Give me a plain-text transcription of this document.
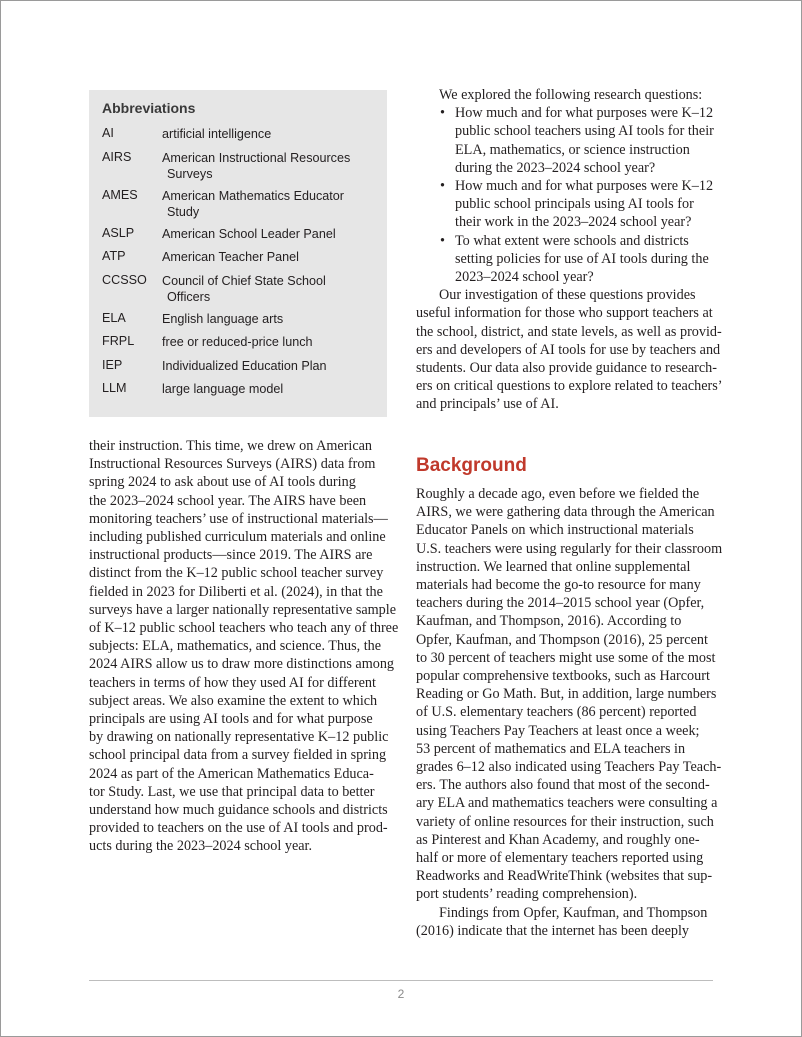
Abbreviations
AI	artificial intelligence
AIRS American Instructional Resources
Surveys
AMES American Mathematics Educator
Study
ASLP American School Leader Panel
ATP	American Teacher Panel
CCSSO Council of Chief State School
Officers
ELA	English language arts
FRPL free or reduced-price lunch
IEP	Individualized Education Plan
LLM	large language model

their instruction. This time, we drew on American
Instructional Resources Surveys (AIRS) data from
spring 2024 to ask about use of AI tools during
the 2023–2024 school year. The AIRS have been
monitoring teachers’ use of instructional materials—
including published curriculum materials and online
instructional products—since 2019. The AIRS are
distinct from the K–12 public school teacher survey
fielded in 2023 for Diliberti et al. (2024), in that the
surveys have a larger nationally representative sample
of K–12 public school teachers who teach any of three
subjects: ELA, mathematics, and science. Thus, the
2024 AIRS allow us to draw more distinctions among
teachers in terms of how they used AI for different
subject areas. We also examine the extent to which
principals are using AI tools and for what purpose
by drawing on nationally representative K–12 public
school principal data from a survey fielded in spring
2024 as part of the American Mathematics Educa-
tor Study. Last, we use that principal data to better
understand how much guidance schools and districts
provided to teachers on the use of AI tools and prod-
ucts during the 2023–2024 school year.

We explored the following research questions:

• How much and for what purposes were K–12
public school teachers using AI tools for their
ELA, mathematics, or science instruction
during the 2023–2024 school year?
• How much and for what purposes were K–12
public school principals using AI tools for
their work in the 2023–2024 school year?
• To what extent were schools and districts
setting policies for use of AI tools during the
2023–2024 school year?

Our investigation of these questions provides
useful information for those who support teachers at
the school, district, and state levels, as well as provid-
ers and developers of AI tools for use by teachers and
students. Our data also provide guidance to research-
ers on critical questions to explore related to teachers’
and principals’ use of AI.

Background

Roughly a decade ago, even before we fielded the
AIRS, we were gathering data through the American
Educator Panels on which instructional materials
U.S. teachers were using regularly for their classroom
instruction. We learned that online supplemental
materials had become the go-to resource for many
teachers during the 2014–2015 school year (Opfer,
Kaufman, and Thompson, 2016). According to
Opfer, Kaufman, and Thompson (2016), 25 percent
to 30 percent of teachers might use some of the most
popular comprehensive textbooks, such as Harcourt
Reading or Go Math. But, in addition, large numbers
of U.S. elementary teachers (86 percent) reported
using Teachers Pay Teachers at least once a week;
53 percent of mathematics and ELA teachers in
grades 6–12 also indicated using Teachers Pay Teach-
ers. The authors also found that most of the second-
ary ELA and mathematics teachers were consulting a
variety of online resources for their instruction, such
as Pinterest and Khan Academy, and roughly one-
half or more of elementary teachers reported using
Readworks and ReadWriteThink (websites that sup-
port students’ reading comprehension).

Findings from Opfer, Kaufman, and Thompson
(2016) indicate that the internet has been deeply

2
